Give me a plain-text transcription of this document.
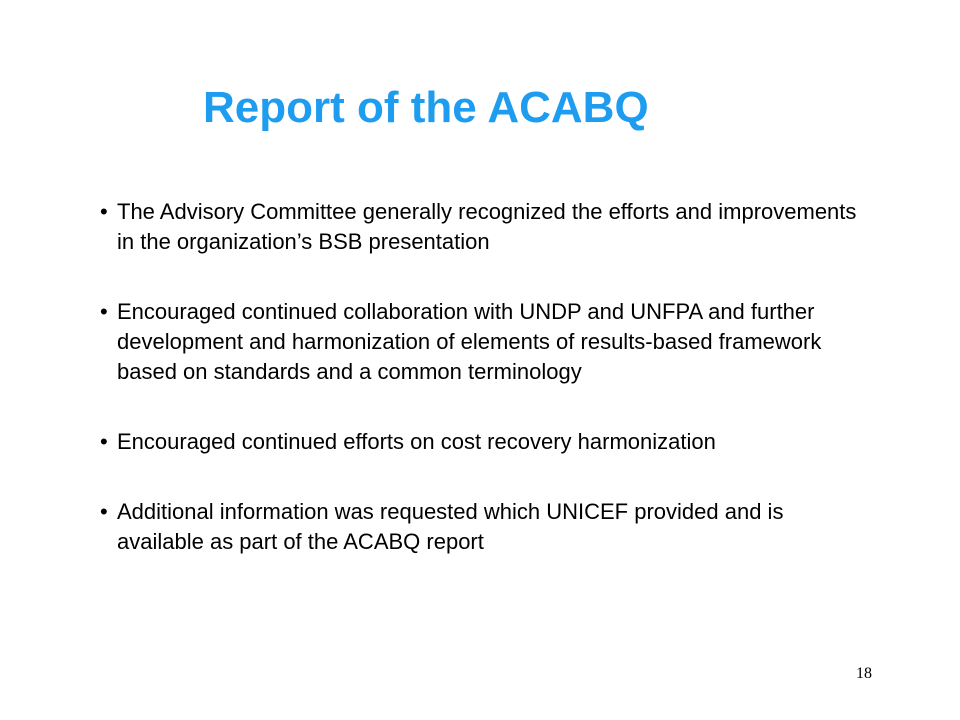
Report of the ACABQ
• The Advisory Committee generally recognized the efforts and improvements in the organization’s BSB presentation
• Encouraged continued collaboration with UNDP and UNFPA and further development and harmonization of elements of results-based framework based on standards and a common terminology
• Encouraged continued efforts on cost recovery harmonization
• Additional information was requested which UNICEF provided and is available as part of the ACABQ report
18
